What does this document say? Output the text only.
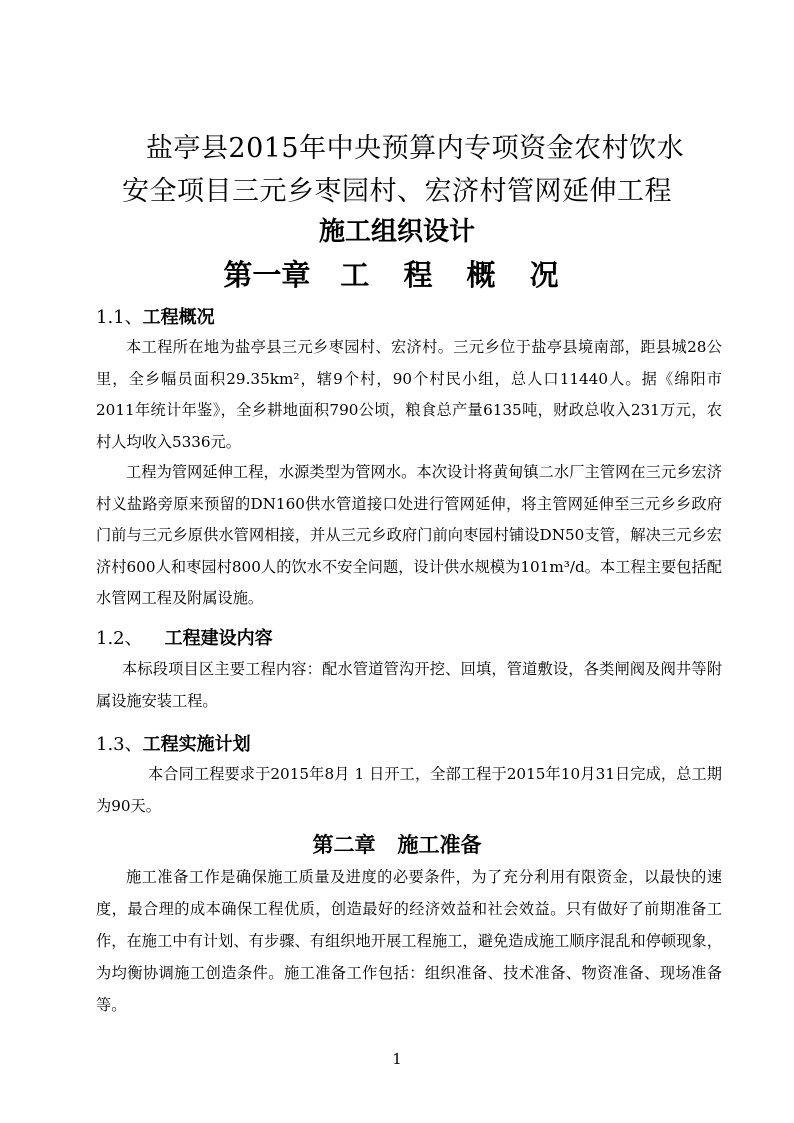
盐亭县2015年中央预算内专项资金农村饮水
安全项目三元乡枣园村、宏济村管网延伸工程
施工组织设计
第一章 工 程 概 况
1.1、工程概况
本工程所在地为盐亭县三元乡枣园村、宏济村。三元乡位于盐亭县境南部，距县城28公里，全乡幅员面积29.35km²，辖9个村，90个村民小组，总人口11440人。据《绵阳市2011年统计年鉴》，全乡耕地面积790公顷，粮食总产量6135吨，财政总收入231万元，农村人均收入5336元。
工程为管网延伸工程，水源类型为管网水。本次设计将黄甸镇二水厂主管网在三元乡宏济村义盐路旁原来预留的DN160供水管道接口处进行管网延伸，将主管网延伸至三元乡乡政府门前与三元乡原供水管网相接，并从三元乡政府门前向枣园村铺设DN50支管，解决三元乡宏济村600人和枣园村800人的饮水不安全问题，设计供水规模为101m³/d。本工程主要包括配水管网工程及附属设施。
1.2、 工程建设内容
本标段项目区主要工程内容：配水管道管沟开挖、回填，管道敷设，各类闸阀及阀井等附属设施安装工程。
1.3、工程实施计划
本合同工程要求于2015年8月 1 日开工，全部工程于2015年10月31日完成，总工期为90天。
第二章 施工准备
施工准备工作是确保施工质量及进度的必要条件，为了充分利用有限资金，以最快的速度，最合理的成本确保工程优质，创造最好的经济效益和社会效益。只有做好了前期准备工作，在施工中有计划、有步骤、有组织地开展工程施工，避免造成施工顺序混乱和停顿现象，为均衡协调施工创造条件。施工准备工作包括：组织准备、技术准备、物资准备、现场准备等。
1
